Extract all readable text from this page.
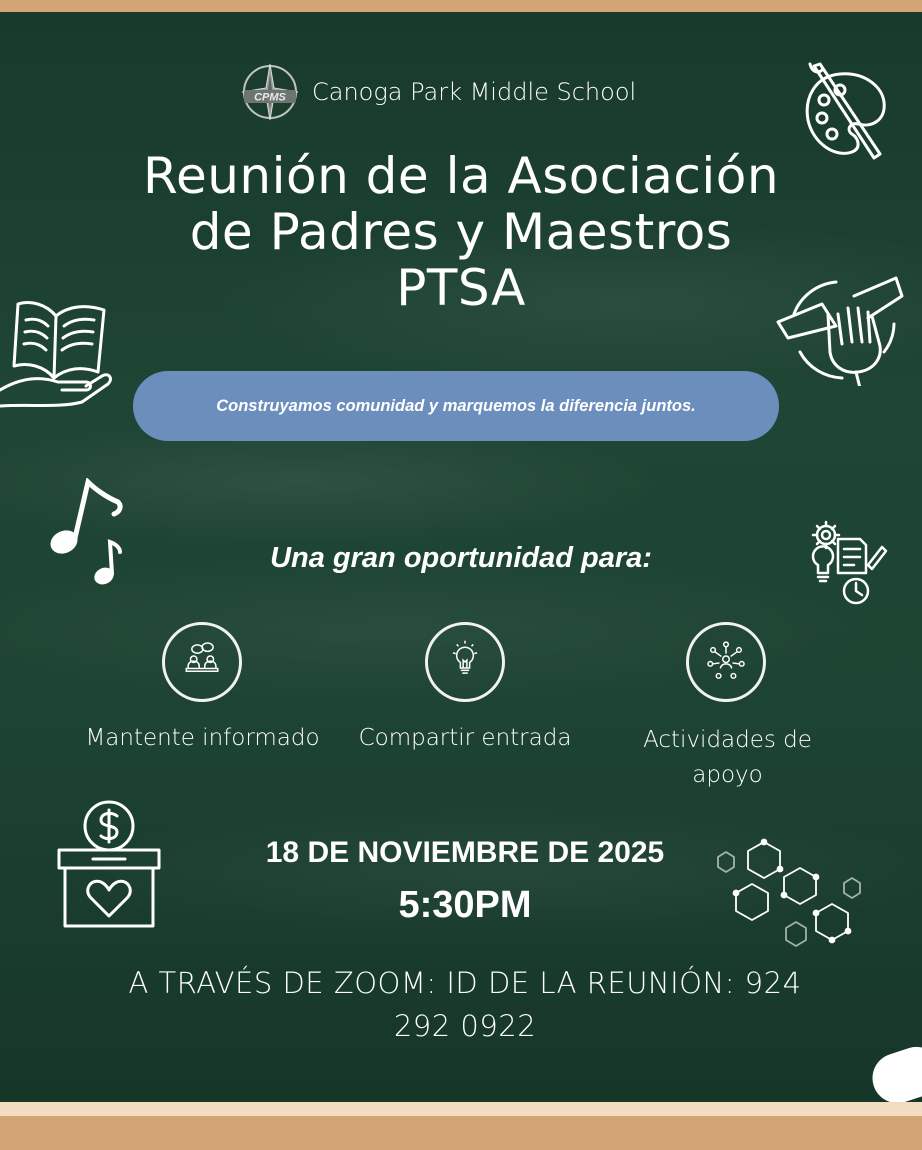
CPMS Canoga Park Middle School
Reunión de la Asociación
de Padres y Maestros
PTSA
Construyamos comunidad y marquemos la diferencia juntos.
Una gran oportunidad para:
Mantente informado	Compartir entrada	Actividades de
apoyo
18 DE NOVIEMBRE DE 2025
5:30PM
A TRAVÉS DE ZOOM: ID DE LA REUNIÓN: 924
292 0922
